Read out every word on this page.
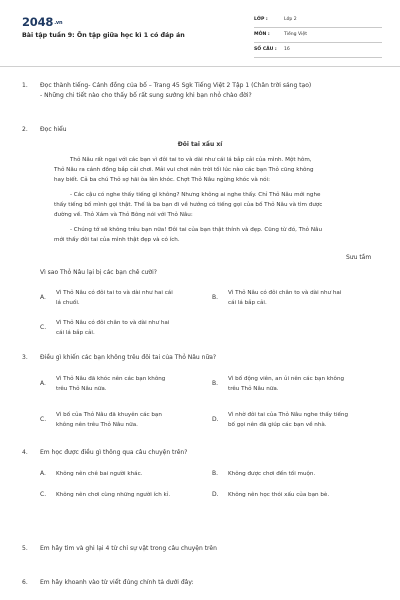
2048.vn
Bài tập tuần 9: Ôn tập giữa học kì 1 có đáp án
LỚP :	Lớp 2
MÔN :	Tiếng Việt
SỐ CÂU : 16
1. Đọc thành tiếng- Cánh đồng của bố – Trang 45 Sgk Tiếng Việt 2 Tập 1 (Chân trời sáng tạo)
- Những chi tiết nào cho thấy bố rất sung sướng khi bạn nhỏ chào đời?
2. Đọc hiểu
Đôi tai xấu xí
Thỏ Nâu rất ngại với các bạn vì đôi tai to và dài như cái lá bắp cải của mình. Một hôm,
Thỏ Nâu ra cánh đồng bắp cải chơi. Mải vui chơi nên trời tối lúc nào các bạn Thỏ cũng không
hay biết. Cả ba chú Thỏ sợ hãi òa lên khóc. Chợt Thỏ Nâu ngừng khóc và nói:
- Các cậu có nghe thấy tiếng gì không? Nhưng không ai nghe thấy. Chỉ Thỏ Nâu mới nghe
thấy tiếng bố mình gọi thật. Thế là ba bạn đi về hướng có tiếng gọi của bố Thỏ Nâu và tìm được
đường về. Thỏ Xám và Thỏ Bông nói với Thỏ Nâu:
- Chúng tớ sẽ không trêu bạn nữa! Đôi tai của bạn thật thính và đẹp. Cũng từ đó, Thỏ Nâu
mới thấy đôi tai của mình thật đẹp và có ích.
Sưu tầm
Vì sao Thỏ Nâu lại bị các bạn chê cười?
A.
Vì Thỏ Nâu có đôi tai to và dài như hai cái
lá chuối.
B.
Vì Thỏ Nâu có đôi chân to và dài như hai
cái lá bắp cải.
C.
Vì Thỏ Nâu có đôi chân to và dài như hai
cái lá bắp cải.
3. Điều gì khiến các bạn không trêu đôi tai của Thỏ Nâu nữa?
A.
Vì Thỏ Nâu đã khóc nên các bạn không
trêu Thỏ Nâu nữa.
B.
Vì bố động viên, an ủi nên các bạn không
trêu Thỏ Nâu nữa.
C.
Vì bố của Thỏ Nâu đã khuyên các bạn
không nên trêu Thỏ Nâu nữa.
D.
Vì nhờ đôi tai của Thỏ Nâu nghe thấy tiếng
bố gọi nên đã giúp các bạn về nhà.
4. Em học được điều gì thông qua câu chuyện trên?
A. Không nên chê bai người khác.	B. Không được chơi đến tối muộn.
C. Không nên chơi cùng những người ích kỉ.	D. Không nên học thói xấu của bạn bè.
5. Em hãy tìm và ghi lại 4 từ chỉ sự vật trong câu chuyện trên
6. Em hãy khoanh vào từ viết đúng chính tả dưới đây:
